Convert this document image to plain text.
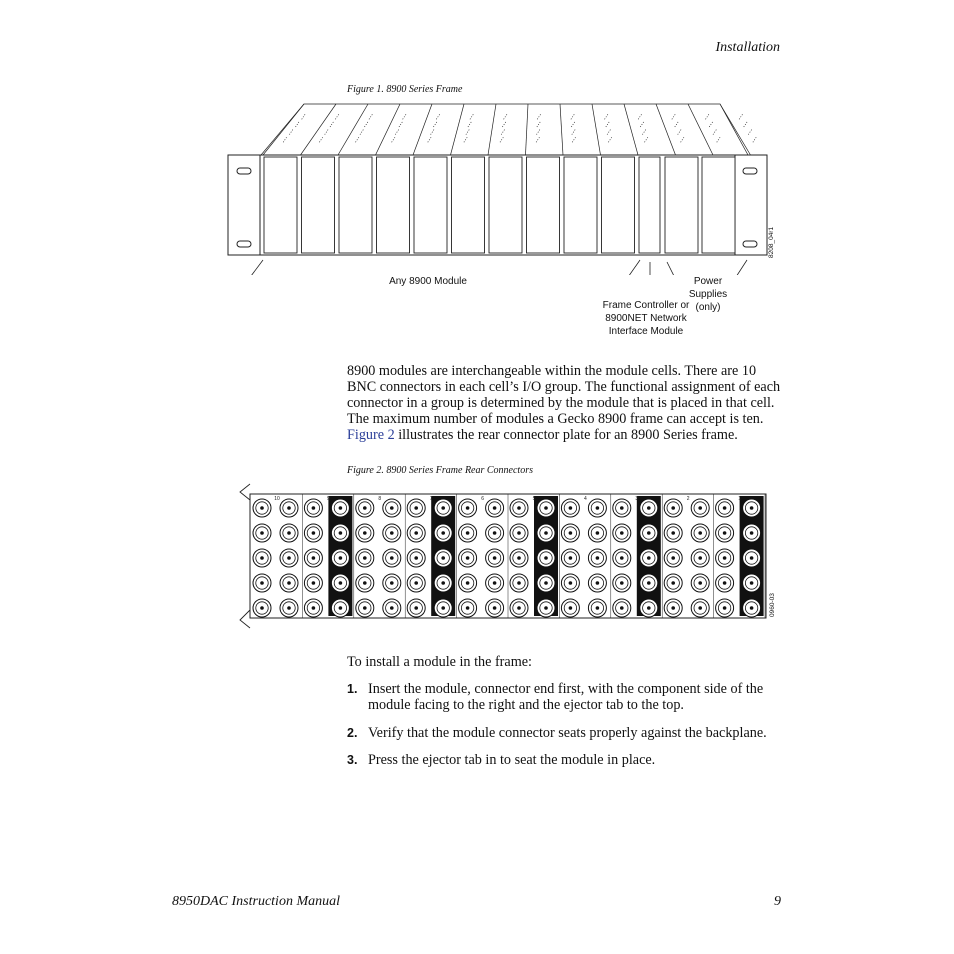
Installation
Figure 1. 8900 Series Frame
Any 8900 Module	Power
Supplies
(only)
Frame Controller or
8900NET Network
Interface Module
8208_04r1
8900 modules are interchangeable within the module cells. There are 10 BNC connectors in each cell’s I/O group. The functional assignment of each connector in a group is determined by the module that is placed in that cell. The maximum number of modules a Gecko 8900 frame can accept is ten. Figure 2 illustrates the rear connector plate for an 8900 Series frame.
Figure 2. 8900 Series Frame Rear Connectors
10	9	8	7	6	5	4	3	2	1
0960-03
To install a module in the frame:
1. Insert the module, connector end first, with the component side of the module facing to the right and the ejector tab to the top.
2. Verify that the module connector seats properly against the backplane.
3. Press the ejector tab in to seat the module in place.
8950DAC Instruction Manual	9
